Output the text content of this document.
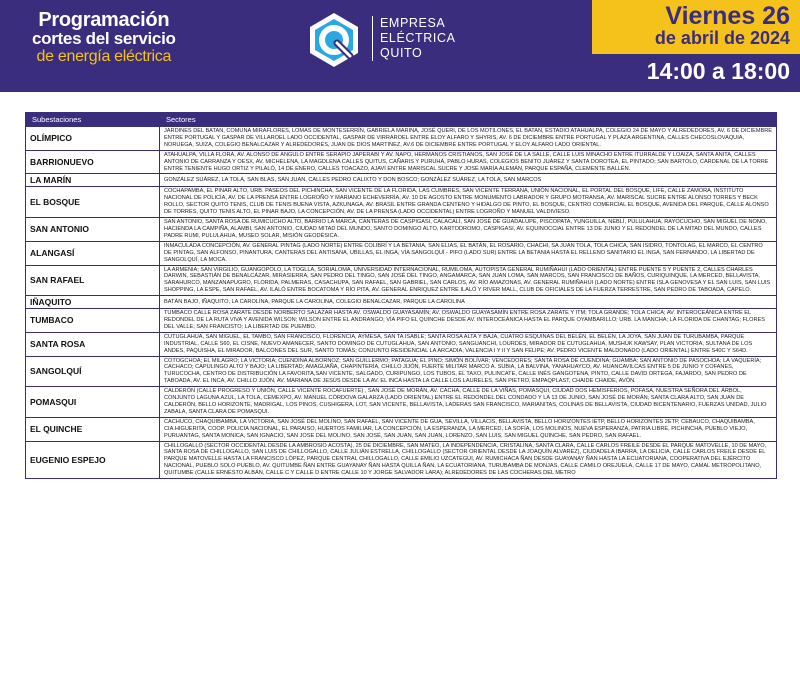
Programación
cortes del servicio
de energía eléctrica
EMPRESA
ELÉCTRICA
QUITO
Viernes 26
de abril de 2024
14:00 a 18:00
Subestaciones	Sectores
OLÍMPICO	JARDINES DEL BATAN, COMUNA MIRAFLORES, LOMAS DE MONTESERRÍN, GABRIELA MARINA, JOSÉ QUERI, DE LOS MOTILONES, EL BATAN, ESTADIO ATAHUALPA, COLEGIO 24 DE MAYO Y ALREDEDORES, AV. 6 DE DICIEMBRE ENTRE PORTUGAL Y GASPAR DE VILLAROEL LADO OCCIDENTAL, GASPAR DE VIRRAROEL ENTRE ELOY ALFARO Y SHYRIS, AV. 6 DE DICIEMBRE ENTRE PORTUGAL Y PLAZA ARGENTINA, CALLES CHECOSLOVAQUIA, NORUEGA, SUIZA, COLEGIO BENALCAZAR Y ALREDEDORES, JUAN DE DIOS MARTINEZ, AV.6 DE DICIEMBRE ENTRE PORTUGAL Y ELOY ALFARO LADO ORIENTAL.
BARRIONUEVO	ATAHUALPA, VILLA FLORA, AV. ALONSO DE ANGULO ENTRE SERAPIO JAPERABI Y AV. NAPO, HERMANOS CRISTIANOS, SAN JOSÉ DE LA SALLE, CALLE LUIS MINACHO ENTRE ITURRALDE Y LOAIZA, SANTA ANITA, CALLES ANTONIO DE CARRANZA Y OESX, AV. MICHELENA, LA MAGDLENA CALLES QUITUS, CAÑARIS Y PURUHÁ, PABLO HURAS, COLEGIOS BENITO JUÁREZ Y SANTA DOROTEA, EL PINTADO; SAN BARTOLO, CARDENAL DE LA TORRE ENTRE TENIENTE HUGO ORTIZ Y PILALÓ, 14 DE ENERO, CALLES TOACAZO, AJAVÍ ENTRE MARISCAL SUCRE Y JOSÉ MARÍA ALEMÁN, PARQUE ESPAÑA, CLEMENTE BALLÉN.
LA MARÍN	GONZÁLEZ SUÁREZ, LA TOLA, SAN BLAS, SAN JUAN, CALLES PEDRO CALIXTO Y DON BOSCO; GONZÁLEZ SUÁREZ, LA TOLA, SAN MARCOS
EL BOSQUE	COCHAPAMBA, EL PINAR ALTO, URB. PASEOS DEL PICHINCHA, SAN VICENTE DE LA FLORIDA, LAS CUMBRES, SAN VICENTE TERRANA, UNIÓN NACIONAL, EL PORTAL DEL BOSQUE, LIFE, CALLE ZAMORA, INSTITUTO NACIONAL DE POLICÍA, AV. DE LA PRENSA ENTRE LOGROÑO Y MARIANO ECHEVERRÍA, AV. 10 DE AGOSTO ENTRE MONUMENTO LABRADOR Y GRUPO MOTRANSA, AV. MARISCAL SUCRE ENTRE ALONSO TORRES Y BECK ROLLO, SECTOR QUITO TENIS, CLUB DE TENIS BUENA VISTA, AZKUNAGA, AV. BRASIL ENTRE GRANDA CENTENO Y HIDALGO DE PINTO, EL BOSQUE, CENTRO COMERCIAL EL BOSQUE, AVENIDA DEL PARQUE, CALLE ALONSO DE TORRES, QUITO TENIS ALTO, EL PINAR BAJO, LA CONCEPCIÓN, AV. DE LA PRENSA (LADO OCCIDENTAL) ENTRE LOGROÑO Y MANUEL VALDIVIESO.
SAN ANTONIO	SAN ANTONIO, SANTA ROSA DE RUMICUCHO ALTO, BARRIO LA MARCA, CANTERAS DE CASPIGASI, CALACALÍ, SAN JOSÉ DE GUADALUPE, PISCOPATA, YUNGUILLA, NEBLÍ, PULULAHUA, RAYOCUCHO, SAN MIGUEL DE NONO, HACIENDA LA CAMPIÑA, ALAMBI, SAN ANTONIO, CIUDAD MITAD DEL MUNDO, SANTO DOMINGO ALTO, KARTODROMO, CASPIGASI, AV. EQUINOCCIAL ENTRE 13 DE JUNIO Y EL REDONDEL DE LA MITAD DEL MUNDO, CALLES PADRE RUMI, PULULAHUA, MUSEO SOLAR, MISIÓN GEODÉSICA.
ALANGASÍ	INMACULADA CONCEPCIÓN, AV. GENERAL PINTAG (LADO NORTE) ENTRE COLIBRÍ Y LA BETANIA, SAN ELIAS, EL BATÁN, EL ROSARIO, CHACHI, SA JUAN TOLA, TOLA CHICA, SAN ISIDRO, TONTOLAG, EL MARCO, EL CENTRO DE PINTAG, SAN ALFONSO, PINANTURA, CANTERAS DEL ANTISANA, UBILLAS, EL INGA, VÍA SANGOLQUÍ - PIFO (LADO SUR) ENTRE LA BETANIA HASTA EL RELLENO SANITARIO EL INGA, SAN FERNANDO, LA LIBERTAD DE SANGOLQUÍ, LA MOCA.
SAN RAFAEL	LA ARMENIA; SAN VIRGILIO, GUANGOPOLO, LA TOGLLA, SORIALOMA, UNIVERSIDAD INTERNACIONAL, RUMILOMA, AUTOPISTA GENERAL RUMIÑAHUI (LADO ORIENTAL) ENTRE PUENTE 5 Y PUENTE 2, CALLES CHARLES DARWIN, SEBASTIÁN DE BENALCÁZAR, MIRASIERRA, SAN PEDRO DEL TINGO, SAN JOSÉ DEL TINGO, ANGAMARCA, SAN JUAN LOMA, SAN MARCOS, SAN FRANCISCO DE BAÑOS, CURIQUINQUE, LA MERCED, BELLAVISTA, SARAHURCO, MANZANAPUGRO, FLORIDA, PALMERAS, CASACHUPA, SAN RAFAEL, SAN GABRIEL, SAN CARLOS, AV. RÍO AMAZONAS, AV. GENERAL RUMIÑAHUI (LADO NORTE) ENTRE ISLA GENOVESA Y EL SAN LUIS, SAN LUIS SHOPPING, LA ESPE, SAN RAFAEL, AV. ILALÓ ENTRE BOCATOMA Y RÍO PITA, AV. GENERAL ENRIQUEZ ENTRE ILALÓ Y RIVER MALL, CLUB DE OFICIALES DE LA FUERZA TERRESTRE, SAN PEDRO DE TABOADA, CAPELO.
IÑAQUITO	BATÁN BAJO, IÑAQUITO, LA CAROLINA, PARQUE LA CAROLINA, COLEGIO BENALCAZAR, PARQUE LA CAROLINA
TUMBACO	TUMBACO CALLE ROSA ZARATE DESDE NORBERTO SALAZAR HASTA AV. OSWALDO GUAYASAMÍN; AV. OSWALDO GUAYASAMÍN ENTRE ROSA ZARATE Y ITM; TOLA GRANDE; TOLA CHICA; AV. INTEROCEÁNICA ENTRE EL REDONDEL DE LA RUTA VIVA Y AVENIDA WILSON; WILSON ENTRE EL ANDRANGO; VÍA PIFO EL QUINCHE DESDE AV. INTEROCEÁNICA HASTA EL PARQUE OYAMBARILLO; URB. LA MANCHA; LA FLORIDA DE CHANTAG; FLORES DEL VALLE; SAN FRANCISTO; LA LIBERTAD DE PUEMBO.
SANTA ROSA	CUTUGLAHUA, SAN MIGUEL, EL TAMBO, SAN FRANCISCO, FLORENCIA, AYMESA, SAN TA ISABLE; SANTA ROSA ALTA Y BAJA, CUATRO ESQUINAS DEL BELÉN, EL BELÉN, LA JOYA, SAN JUAN DE TURUBAMBA, PARQUE INDUSTRIAL, CALLE S60, EL CISNE, NUEVO AMANECER, SANTO DOMINGO DE CUTUGLAHUA, SAN ANTONIO, SANGUANCHI, LOURDES, MIRADOR DE CUTUGLAHUA, MUSHUK KAWSAY, PLAN VICTORIA, SULTANA DE LOS ANDES, PAQUISHA, EL MIRADOR, BALCONES DEL SUR, SANTO TOMÁS; CONJUNTO RESIDENCIAL LA ARCADIA, VALENCIA I Y II Y SAN FELIPE; AV. PEDRO VICENTE MALDONADO (LADO ORIENTAL) ENTRE S40C Y S64D.
SANGOLQUÍ	COTOGCHOA; EL MILAGRO; LA VICTORIA; CUENDINA ALBORNOZ; SAN GUILLERMO; PATAGUA; EL PINO; SIMÓN BOLÍVAR; VENCEDORES; SANTA ROSA DE CUENDINA; GUAMBA; SAN ANTONIO DE PASOCHOA; LA VAQUERÍA; CACHACO; CAPULINGO ALTO Y BAJO; LA LIBERTAD; AMAGUAÑA, CHAPINTERÍA, CHILLO JIJÓN, FUERTE MILITAR MARCO A. SUBIA, LA BALVINA, YANAHUAYCO, AV. HUANCAVILCAS ENTRE 5 DE JUNIO Y COFANES, TURUCOCHA, CENTRO DE DISTRIBUCIÓN LA FAVORITA,SAN VICENTE, SALGADO, CURIPUNGO, LOS TUBOS, EL TAXO, PULINCATE, CALLE INÉS GANGOTENA, PINTO, CALLE DAVID ORTEGA, FAJARDO, SAN PEDRO DE TABOADA, AV. EL INCA, AV. CHILLO JIJÓN, AV. MARIANA DE JESÚS DESDE LA AV. EL INCA HASTA LA CALLE LOS LAURELES, SAN PIETRO, EMPAQPLAST, CHAIDE CHAIDE, AVÓN.
POMASQUI	CALDERÓN (CALLE PROGRESO Y UNIÓN, CALLE VICENTE ROCAFUERTE) , SAN JOSÉ DE MORÁN, AV. CACHA, CALLE DE LA VIÑAS, POMASQUI, CIUDAD DOS HEMISFERIOS, POFASA, NUESTRA SEÑORA DEL ÁRBOL, CONJUNTO LAGUNA AZUL, LA TOLA, CEMEXPO, AV. MANUEL CÓRDOVA GALARZA (LADO ORIENTAL) ENTRE EL REDONDEL DEL CONDADO Y LA 13 DE JUNIO, SAN JOSÉ DE MORÁN, SANTA CLARA ALTO, SAN JUAN DE CALDERÓN, BELLO HORIZONTE, MADRIGAL, LOS PINOS, CUSHIGERA, LOT, SAN VICENTE, BELLAVISTA, LADERAS SAN FRANCISCO, MARIANITAS, COLINAS DE BELLAVISTA, CIUDAD BICENTENARIO, FUERZAS UNIDAD, JULIO ZABALA, SANTA CLARA DE POMASQUI.
EL QUINCHE	CACHUCO, CHAQUIBAMBA, LA VICTORIA, SAN JOSÉ DEL MOLINO, SAN RAFAEL, SAN VICENTE DE GUA, SEVILLA, VILLACIS, BELLAVISTA, BELLO HORIZONTES IETP, BELLO HORIZONTES 2ETP, CEBAUCO, CHAQUIBAMBA, CIA.HIGUERITA, COOP. POLICIA NACIONAL, EL PARAISO, HUERTOS FAMILIAR, LA CONCEPCIÓN, LA ESPERANZA, LA MERCED, LA SOFÍA, LOS MOLINOS, NUEVA ESPERANZA, PATRIA LIBRE, PICHINCHA, PUEBLO VIEJO, PURUANTAG, SANTA MONICA, SAN IGNACIO, SAN JOSE DEL MOLINO, SAN JOSÉ, SAN JUAN, SAN JUAN, LORENZO, SAN LUIS, SAN MIGUEL QUINCHE, SAN PEDRO, SAN RAFAEL.
EUGENIO ESPEJO	CHILLOGALLO (SECTOR OCCIDENTAL DESDE LA AMBROSIO ACOSTA), 25 DE DICIEMBRE, SAN MATEO, LA INDEPENDENCIA, CRISTALINA, SANTA CLARA, CALLE CARLOS FREILE DESDE EL PARQUE MATOVELLE, 10 DE MAYO, SANTA ROSA DE CHILLOGALLO, SAN LUIS DE CHILLOGALLO, CALLE JULIÁN ESTRELLA, CHILLOGALLO (SECTOR ORIENTAL DESDE LA JOAQUÍN ALVAREZ), CIUDADELA IBARRA, LA DELICIA, CALLE CARLOS FREILE DESDE EL PARQUE MATOVELLE HASTA LA FRANCISCO LÓPEZ, PARQUE CENTRAL CHILLOGALLO, CALLE EMILIO UZCATEGUI, AV. RUMICHACA ÑAN DESDE GUAYANAY ÑAN HASTA LA ECUATORIANA, COOPERATIVA DEL EJÉRCITO NACIONAL, PUEBLO SOLO PUEBLO, AV. QUITUMBE ÑAN ENTRE GUAYANAY ÑAN HASTA QUILLA ÑAN, LA ECUATORIANA, TURUBAMBA DE MONJAS, CALLE CAMILO OREJUELA, CALLE 17 DE MAYO, CAMAL METROPOLITANO, QUITUMBE (CALLE ERNESTO ALBÁN, CALLE C Y CALLE D ENTRE CALLE 10 Y JORGE SALVADOR LARA); ALREDEDORES DE LAS COCHERAS DEL METRO
